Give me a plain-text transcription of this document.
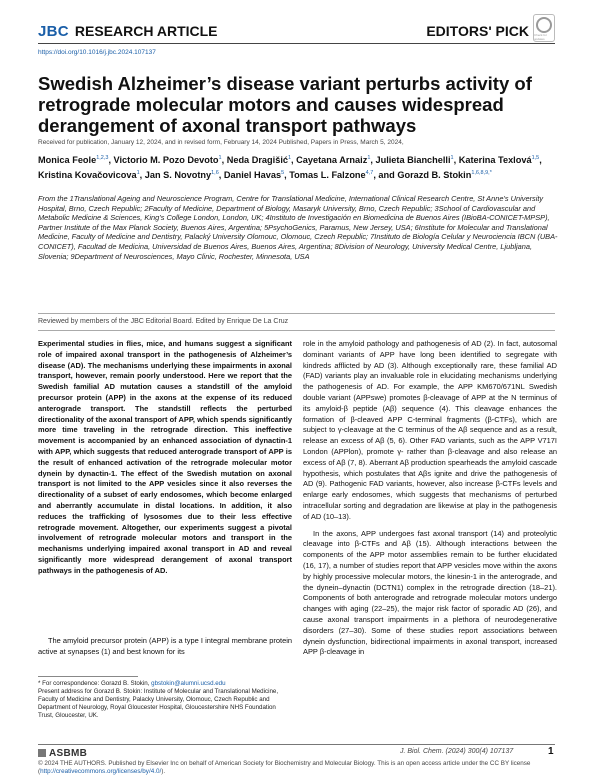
JBC RESEARCH ARTICLE	EDITORS' PICK Check for updates
https://doi.org/10.1016/j.jbc.2024.107137
Swedish Alzheimer’s disease variant perturbs activity of retrograde molecular motors and causes widespread derangement of axonal transport pathways
Received for publication, January 12, 2024, and in revised form, February 14, 2024 Published, Papers in Press, March 5, 2024,
Monica Feole$^{1,2,3}$, Victorio M. Pozo Devoto$^1$, Neda Dragišić$^1$, Cayetana Arnaiz$^1$, Julieta Bianchelli$^1$, Katerina Texlová$^{1,5}$, Kristina Kovačovicova$^1$, Jan S. Novotny$^{1,6}$, Daniel Havas$^5$, Tomas L. Falzone$^{4,7}$, and Gorazd B. Stokin$^{1,6,8,9,*}$
From the 1Translational Ageing and Neuroscience Program, Centre for Translational Medicine, International Clinical Research Centre, St Anne’s University Hospital, Brno, Czech Republic; 2Faculty of Medicine, Department of Biology, Masaryk University, Brno, Czech Republic; 3School of Cardiovascular and Metabolic Medicine & Sciences, King’s College London, London, UK; 4Instituto de Investigación en Biomedicina de Buenos Aires (IBioBA-CONICET-MPSP), Partner Institute of the Max Planck Society, Buenos Aires, Argentina; 5PsychoGenics, Paramus, New Jersey, USA; 6Institute for Molecular and Translational Medicine, Faculty of Medicine and Dentistry, Palacký University Olomouc, Olomouc, Czech Republic; 7Instituto de Biología Celular y Neurociencia IBCN (UBA-CONICET), Facultad de Medicina, Universidad de Buenos Aires, Buenos Aires, Argentina; 8Division of Neurology, University Medical Centre, Ljubljana, Slovenia; 9Department of Neurosciences, Mayo Clinic, Rochester, Minnesota, USA
Reviewed by members of the JBC Editorial Board. Edited by Enrique De La Cruz
Experimental studies in flies, mice, and humans suggest a significant role of impaired axonal transport in the pathogenesis of Alzheimer’s disease (AD). The mechanisms underlying these impairments in axonal transport, however, remain poorly understood. Here we report that the Swedish familial AD mutation causes a standstill of the amyloid precursor protein (APP) in the axons at the expense of its reduced anterograde transport. The standstill reflects the perturbed directionality of the axonal transport of APP, which spends significantly more time traveling in the retrograde direction. This ineffective movement is accompanied by an enhanced association of dynactin-1 with APP, which suggests that reduced anterograde transport of APP is the result of enhanced activation of the retrograde molecular motor dynein by dynactin-1. The effect of the Swedish mutation on axonal transport is not limited to the APP vesicles since it also reverses the directionality of a subset of early endosomes, which become enlarged and aberrantly accumulate in distal locations. In addition, it also reduces the trafficking of lysosomes due to their less effective retrograde movement. Altogether, our experiments suggest a pivotal involvement of retrograde molecular motors and transport in the mechanisms underlying impaired axonal transport in AD and reveal significantly more widespread derangement of axonal transport pathways in the pathogenesis of AD.

The amyloid precursor protein (APP) is a type I integral membrane protein active at synapses (1) and best known for its

role in the amyloid pathology and pathogenesis of AD (2). In fact, autosomal dominant variants of APP have long been identified to segregate with kindreds afflicted by AD (3). Although exceptionally rare, these familial AD (FAD) variants play an invaluable role in elucidating mechanisms underlying the pathogenesis of AD. For example, the APP KM670/671NL Swedish double variant (APPswe) promotes β-cleavage of APP at the N terminus of its amyloid-β peptide (Aβ) sequence (4). This cleavage enhances the formation of β-cleaved APP C-terminal fragments (β-CTFs), which are subject to γ-cleavage at the C terminus of the Aβ sequence and as a result, release an excess of Aβ (5, 6). Other FAD variants, such as the APP V717I London (APPlon), promote γ- rather than β-cleavage and also release an excess of Aβ (7, 8). Aberrant Aβ production spearheads the amyloid cascade hypothesis, which postulates that Aβs ignite and drive the pathogenesis of AD (9). Pathogenic FAD variants, however, also increase β-CTFs levels and enlarge early endosomes, which suggests that mechanisms of perturbed intracellular sorting and degradation are likewise at play in the pathogenesis of AD (10–13).

In the axons, APP undergoes fast axonal transport (14) and proteolytic cleavage into β-CTFs and Aβ (15). Although interactions between the components of the APP motor assemblies remain to be further elucidated (16, 17), a number of studies report that APP vesicles move within the axons by highly processive molecular motors, the kinesin-1 in the anterograde, and the dynein–dynactin (DCTN1) complex in the retrograde direction (18–21). Components of both anterograde and retrograde molecular motors undergo changes with aging (22–25), the major risk factor of sporadic AD (26), and cause axonal transport impairments in a plethora of neurodegenerative disorders (27–30). Some of these studies report associations between dynein dysfunction, bidirectional impairments in axonal transport, increased APP β-cleavage in

* For correspondence: Gorazd B. Stokin, gbstokin@alumni.ucsd.edu
Present address for Gorazd B. Stokin: Institute of Molecular and Translational Medicine, Faculty of Medicine and Dentistry, Palacky University, Olomouc, Czech Republic and Department of Neurology, Royal Gloucester Hospital, Gloucestershire NHS Foundation Trust, Gloucester, UK.
ASBMB	J. Biol. Chem. (2024) 300(4) 107137	1
© 2024 THE AUTHORS. Published by Elsevier Inc on behalf of American Society for Biochemistry and Molecular Biology. This is an open access article under the CC BY license (http://creativecommons.org/licenses/by/4.0/).
